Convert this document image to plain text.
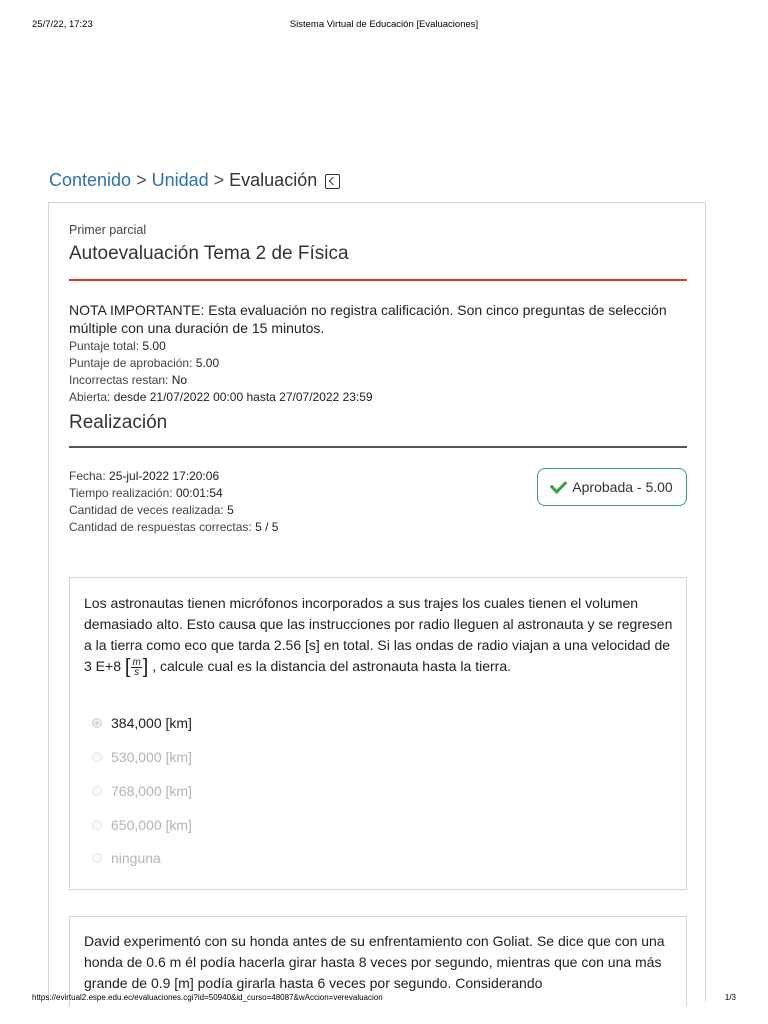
25/7/22, 17:23	Sistema Virtual de Educación [Evaluaciones]
Contenido > Unidad > Evaluación
Primer parcial
Autoevaluación Tema 2 de Física
NOTA IMPORTANTE: Esta evaluación no registra calificación. Son cinco preguntas de selección múltiple con una duración de 15 minutos.
Puntaje total: 5.00
Puntaje de aprobación: 5.00
Incorrectas restan: No
Abierta: desde 21/07/2022 00:00 hasta 27/07/2022 23:59
Realización
Fecha: 25-jul-2022 17:20:06
Tiempo realización: 00:01:54
Cantidad de veces realizada: 5
Cantidad de respuestas correctas: 5 / 5
Aprobada - 5.00
Los astronautas tienen micrófonos incorporados a sus trajes los cuales tienen el volumen demasiado alto. Esto causa que las instrucciones por radio lleguen al astronauta y se regresen a la tierra como eco que tarda 2.56 [s] en total. Si las ondas de radio viajan a una velocidad de 3 E+8 [ $\frac{m}{s}$ ] , calcule cual es la distancia del astronauta hasta la tierra.
384,000 [km]
530,000 [km]
768,000 [km]
650,000 [km]
ninguna
David experimentó con su honda antes de su enfrentamiento con Goliat. Se dice que con una honda de 0.6 m él podía hacerla girar hasta 8 veces por segundo, mientras que con una más grande de 0.9 [m] podía girarla hasta 6 veces por segundo. Considerando
https://evirtual2.espe.edu.ec/evaluaciones.cgi?id=50940&id_curso=48087&wAccion=verevaluacion	1/3
